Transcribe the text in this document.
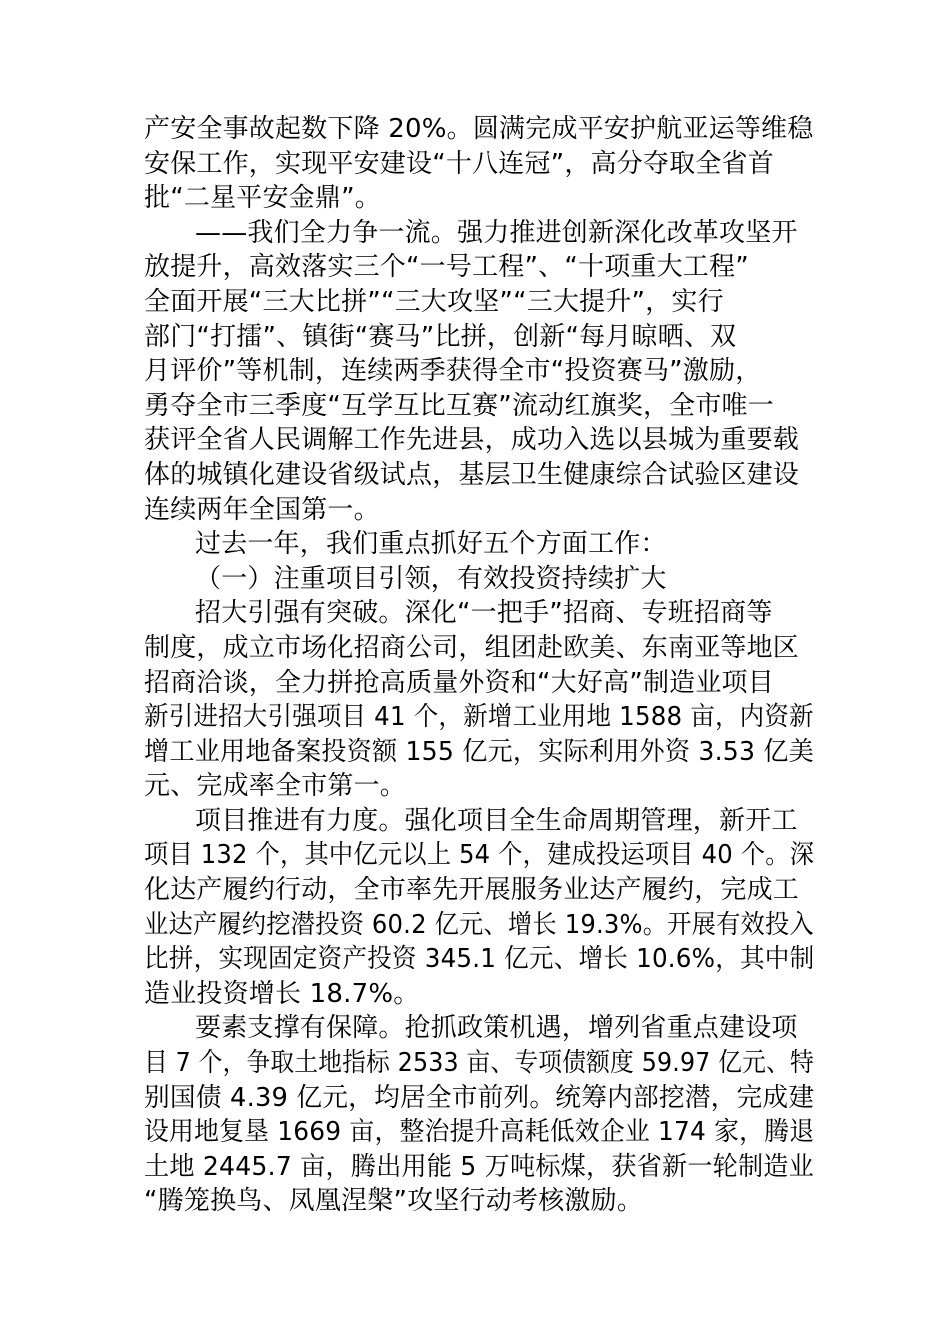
产安全事故起数下降 20%。圆满完成平安护航亚运等维稳
安保工作，实现平安建设“十八连冠”，高分夺取全省首
批“二星平安金鼎”。
——我们全力争一流。强力推进创新深化改革攻坚开
放提升，高效落实三个“一号工程”、“十项重大工程”
全面开展“三大比拼”“三大攻坚”“三大提升”，实行
部门“打擂”、镇街“赛马”比拼，创新“每月晾晒、双
月评价”等机制，连续两季获得全市“投资赛马”激励，
勇夺全市三季度“互学互比互赛”流动红旗奖，全市唯一
获评全省人民调解工作先进县，成功入选以县城为重要载
体的城镇化建设省级试点，基层卫生健康综合试验区建设
连续两年全国第一。
过去一年，我们重点抓好五个方面工作：
（一）注重项目引领，有效投资持续扩大
招大引强有突破。深化“一把手”招商、专班招商等
制度，成立市场化招商公司，组团赴欧美、东南亚等地区
招商洽谈，全力拼抢高质量外资和“大好高”制造业项目
新引进招大引强项目 41 个，新增工业用地 1588 亩，内资新
增工业用地备案投资额 155 亿元，实际利用外资 3.53 亿美
元、完成率全市第一。
项目推进有力度。强化项目全生命周期管理，新开工
项目 132 个，其中亿元以上 54 个，建成投运项目 40 个。深
化达产履约行动，全市率先开展服务业达产履约，完成工
业达产履约挖潜投资 60.2 亿元、增长 19.3%。开展有效投入
比拼，实现固定资产投资 345.1 亿元、增长 10.6%，其中制
造业投资增长 18.7%。
要素支撑有保障。抢抓政策机遇，增列省重点建设项
目 7 个，争取土地指标 2533 亩、专项债额度 59.97 亿元、特
别国债 4.39 亿元，均居全市前列。统筹内部挖潜，完成建
设用地复垦 1669 亩，整治提升高耗低效企业 174 家，腾退
土地 2445.7 亩，腾出用能 5 万吨标煤，获省新一轮制造业
“腾笼换鸟、凤凰涅槃”攻坚行动考核激励。
